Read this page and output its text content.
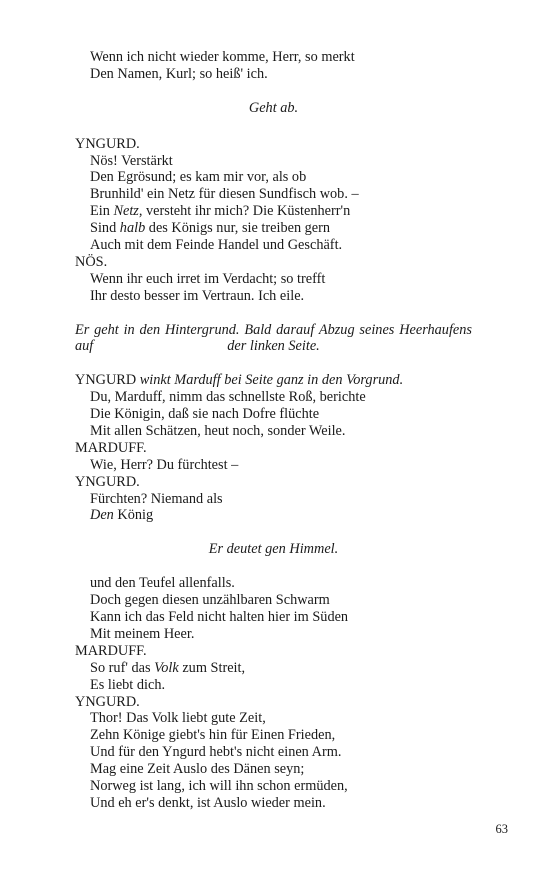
Wenn ich nicht wieder komme, Herr, so merkt
Den Namen, Kurl; so heiß' ich.
Geht ab.
YNGURD.
Nös! Verstärkt
Den Egrösund; es kam mir vor, als ob
Brunhild' ein Netz für diesen Sundfisch wob. –
Ein Netz, versteht ihr mich? Die Küstenherr'n
Sind halb des Königs nur, sie treiben gern
Auch mit dem Feinde Handel und Geschäft.
NÖS.
Wenn ihr euch irret im Verdacht; so trefft
Ihr desto besser im Vertraun. Ich eile.
Er geht in den Hintergrund. Bald darauf Abzug seines Heerhaufens auf	der linken Seite.
YNGURD winkt Marduff bei Seite ganz in den Vorgrund.
Du, Marduff, nimm das schnellste Roß, berichte
Die Königin, daß sie nach Dofre flüchte
Mit allen Schätzen, heut noch, sonder Weile.
MARDUFF.
Wie, Herr? Du fürchtest –
YNGURD.
Fürchten? Niemand als
Den König
Er deutet gen Himmel.
und den Teufel allenfalls.
Doch gegen diesen unzählbaren Schwarm
Kann ich das Feld nicht halten hier im Süden
Mit meinem Heer.
MARDUFF.
So ruf' das Volk zum Streit,
Es liebt dich.
YNGURD.
Thor! Das Volk liebt gute Zeit,
Zehn Könige giebt's hin für Einen Frieden,
Und für den Yngurd hebt's nicht einen Arm.
Mag eine Zeit Auslo des Dänen seyn;
Norweg ist lang, ich will ihn schon ermüden,
Und eh er's denkt, ist Auslo wieder mein.
63
